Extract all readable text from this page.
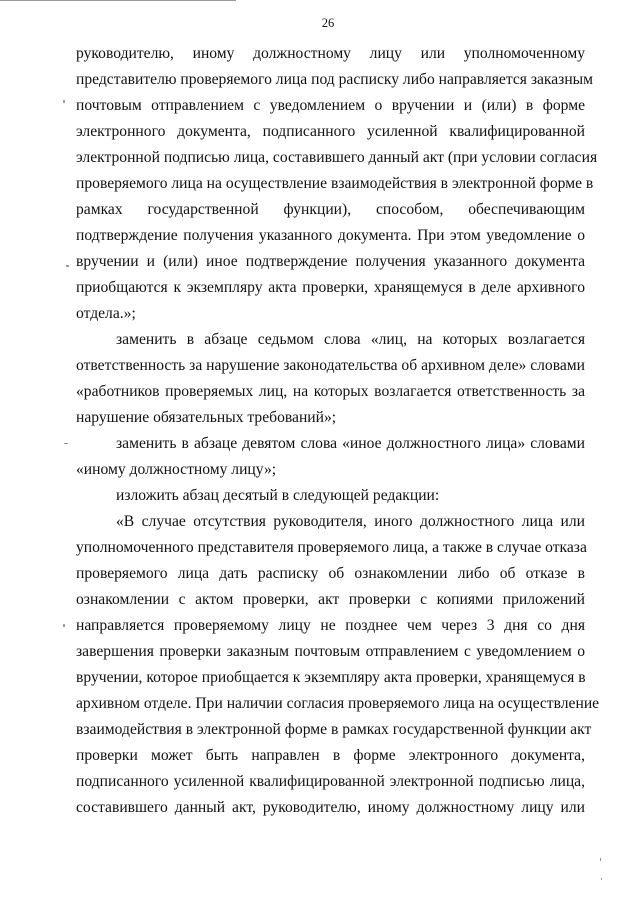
26
руководителю, иному должностному лицу или уполномоченному
представителю проверяемого лица под расписку либо направляется заказным
почтовым отправлением с уведомлением о вручении и (или) в форме
электронного документа, подписанного усиленной квалифицированной
электронной подписью лица, составившего данный акт (при условии согласия
проверяемого лица на осуществление взаимодействия в электронной форме в
рамках государственной функции), способом, обеспечивающим
подтверждение получения указанного документа. При этом уведомление о
вручении и (или) иное подтверждение получения указанного документа
приобщаются к экземпляру акта проверки, хранящемуся в деле архивного
отдела.»;
заменить в абзаце седьмом слова «лиц, на которых возлагается
ответственность за нарушение законодательства об архивном деле» словами
«работников проверяемых лиц, на которых возлагается ответственность за
нарушение обязательных требований»;
заменить в абзаце девятом слова «иное должностного лица» словами
«иному должностному лицу»;
изложить абзац десятый в следующей редакции:
«В случае отсутствия руководителя, иного должностного лица или
уполномоченного представителя проверяемого лица, а также в случае отказа
проверяемого лица дать расписку об ознакомлении либо об отказе в
ознакомлении с актом проверки, акт проверки с копиями приложений
направляется проверяемому лицу не позднее чем через 3 дня со дня
завершения проверки заказным почтовым отправлением с уведомлением о
вручении, которое приобщается к экземпляру акта проверки, хранящемуся в
архивном отделе. При наличии согласия проверяемого лица на осуществление
взаимодействия в электронной форме в рамках государственной функции акт
проверки может быть направлен в форме электронного документа,
подписанного усиленной квалифицированной электронной подписью лица,
составившего данный акт, руководителю, иному должностному лицу или
